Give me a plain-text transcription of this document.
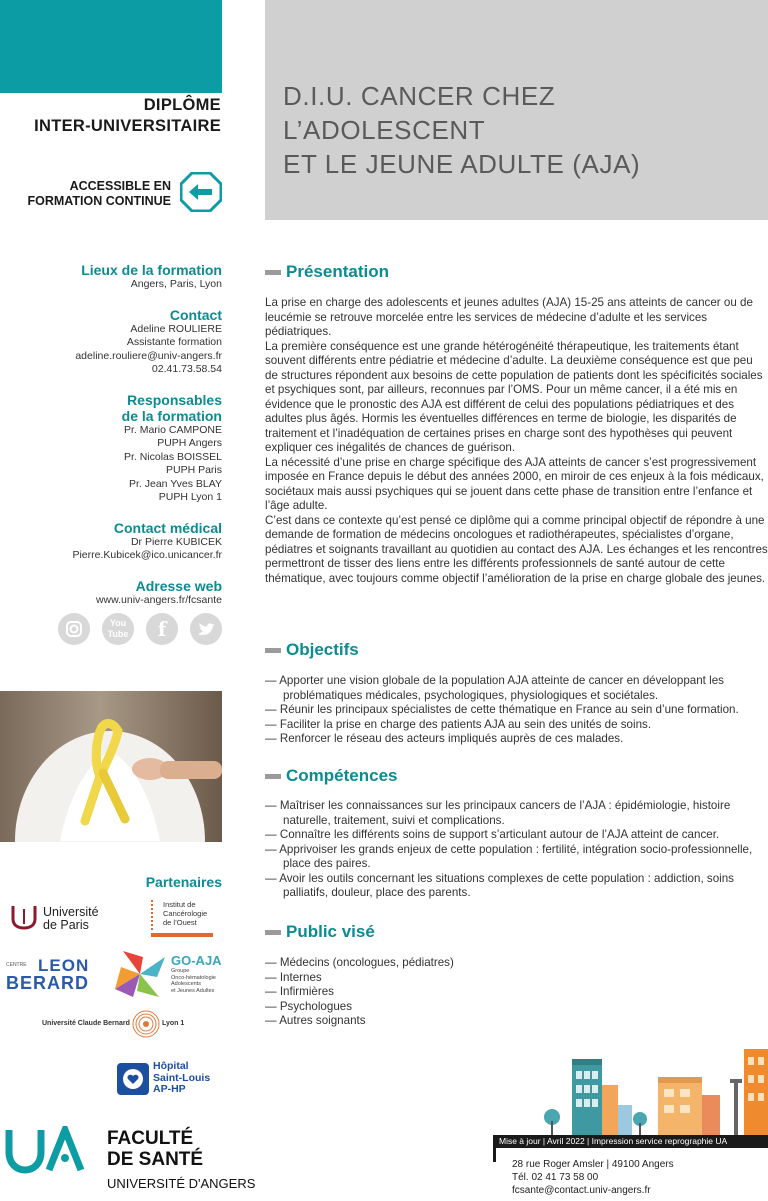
DIPLÔME
INTER-UNIVERSITAIRE
ACCESSIBLE EN
FORMATION CONTINUE
D.I.U. CANCER CHEZ L’ADOLESCENT
ET LE JEUNE ADULTE (AJA)
Lieux de la formation
Angers, Paris, Lyon
Contact
Adeline ROULIERE
Assistante formation
adeline.rouliere@univ-angers.fr
02.41.73.58.54
Responsables
de la formation
Pr. Mario CAMPONE
PUPH Angers
Pr. Nicolas BOISSEL
PUPH Paris
Pr. Jean Yves BLAY
PUPH Lyon 1
Contact médical
Dr Pierre KUBICEK
Pierre.Kubicek@ico.unicancer.fr
Adresse web
www.univ-angers.fr/fcsante
You
Tube	f
Partenaires
Université
de Paris
Institut de
Cancérologie
de l’Ouest
CENTRE LEON
BERARD
GO-AJA
Groupe
Onco-hématologie
Adolescents
et Jeunes Adultes
Université Claude Bernard	Lyon 1
Hôpital
Saint-Louis
AP-HP
FACULTÉ
DE SANTÉ
UNIVERSITÉ D'ANGERS
Présentation

La prise en charge des adolescents et jeunes adultes (AJA) 15-25 ans atteints de cancer ou de leucémie se retrouve morcelée entre les services de médecine d’adulte et les services pédiatriques.

La première conséquence est une grande hétérogénéité thérapeutique, les traitements étant souvent différents entre pédiatrie et médecine d’adulte. La deuxième conséquence est que peu de structures répondent aux besoins de cette population de patients dont les spécificités sociales et psychiques sont, par ailleurs, reconnues par l’OMS. Pour un même cancer, il a été mis en évidence que le pronostic des AJA est différent de celui des populations pédiatriques et des adultes plus âgés. Hormis les éventuelles différences en terme de biologie, les disparités de traitement et l’inadéquation de certaines prises en charge sont des hypothèses qui peuvent expliquer ces inégalités de chances de guérison.

La nécessité d’une prise en charge spécifique des AJA atteints de cancer s’est progressivement imposée en France depuis le début des années 2000, en miroir de ces enjeux à la fois médicaux, sociétaux mais aussi psychiques qui se jouent dans cette phase de transition entre l’enfance et l’âge adulte.

C’est dans ce contexte qu’est pensé ce diplôme qui a comme principal objectif de répondre à une demande de formation de médecins oncologues et radiothérapeutes, spécialistes d’organe, pédiatres et soignants travaillant au quotidien au contact des AJA. Les échanges et les rencontres permettront de tisser des liens entre les différents professionnels de santé autour de cette thématique, avec toujours comme objectif l’amélioration de la prise en charge globale des jeunes.

Objectifs
— Apporter une vision globale de la population AJA atteinte de cancer en développant les problématiques médicales, psychologiques, physiologiques et sociétales.
— Réunir les principaux spécialistes de cette thématique en France au sein d’une formation.
— Faciliter la prise en charge des patients AJA au sein des unités de soins.
— Renforcer le réseau des acteurs impliqués auprès de ces malades.
Compétences
— Maîtriser les connaissances sur les principaux cancers de l’AJA : épidémiologie, histoire naturelle, traitement, suivi et complications.
— Connaître les différents soins de support s’articulant autour de l’AJA atteint de cancer.
— Apprivoiser les grands enjeux de cette population : fertilité, intégration socio-professionnelle, place des paires.
— Avoir les outils concernant les situations complexes de cette population : addiction, soins palliatifs, douleur, place des parents.
Public visé
— Médecins (oncologues, pédiatres)
— Internes
— Infirmières
— Psychologues
— Autres soignants
Mise à jour | Avril 2022 | Impression service reprographie UA
28 rue Roger Amsler | 49100 Angers
Tél. 02 41 73 58 00
fcsante@contact.univ-angers.fr
